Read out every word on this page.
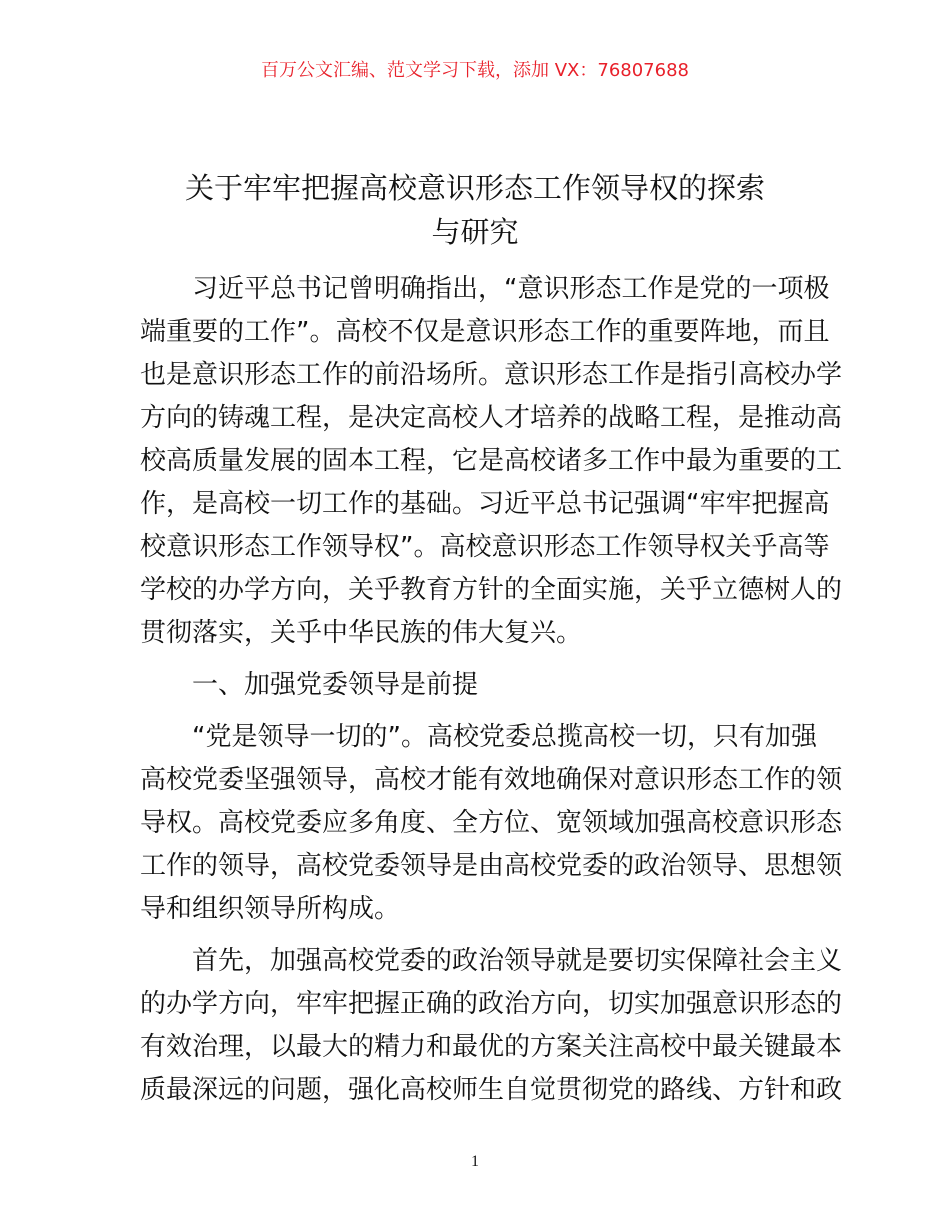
百万公文汇编、范文学习下载，添加 VX：76807688
关于牢牢把握高校意识形态工作领导权的探索
与研究
习近平总书记曾明确指出，“意识形态工作是党的一项极
端重要的工作”。高校不仅是意识形态工作的重要阵地，而且
也是意识形态工作的前沿场所。意识形态工作是指引高校办学
方向的铸魂工程，是决定高校人才培养的战略工程，是推动高
校高质量发展的固本工程，它是高校诸多工作中最为重要的工
作，是高校一切工作的基础。习近平总书记强调“牢牢把握高
校意识形态工作领导权”。高校意识形态工作领导权关乎高等
学校的办学方向，关乎教育方针的全面实施，关乎立德树人的
贯彻落实，关乎中华民族的伟大复兴。
一、加强党委领导是前提
“党是领导一切的”。高校党委总揽高校一切，只有加强
高校党委坚强领导，高校才能有效地确保对意识形态工作的领
导权。高校党委应多角度、全方位、宽领域加强高校意识形态
工作的领导，高校党委领导是由高校党委的政治领导、思想领
导和组织领导所构成。
首先，加强高校党委的政治领导就是要切实保障社会主义
的办学方向，牢牢把握正确的政治方向，切实加强意识形态的
有效治理，以最大的精力和最优的方案关注高校中最关键最本
质最深远的问题，强化高校师生自觉贯彻党的路线、方针和政
1
